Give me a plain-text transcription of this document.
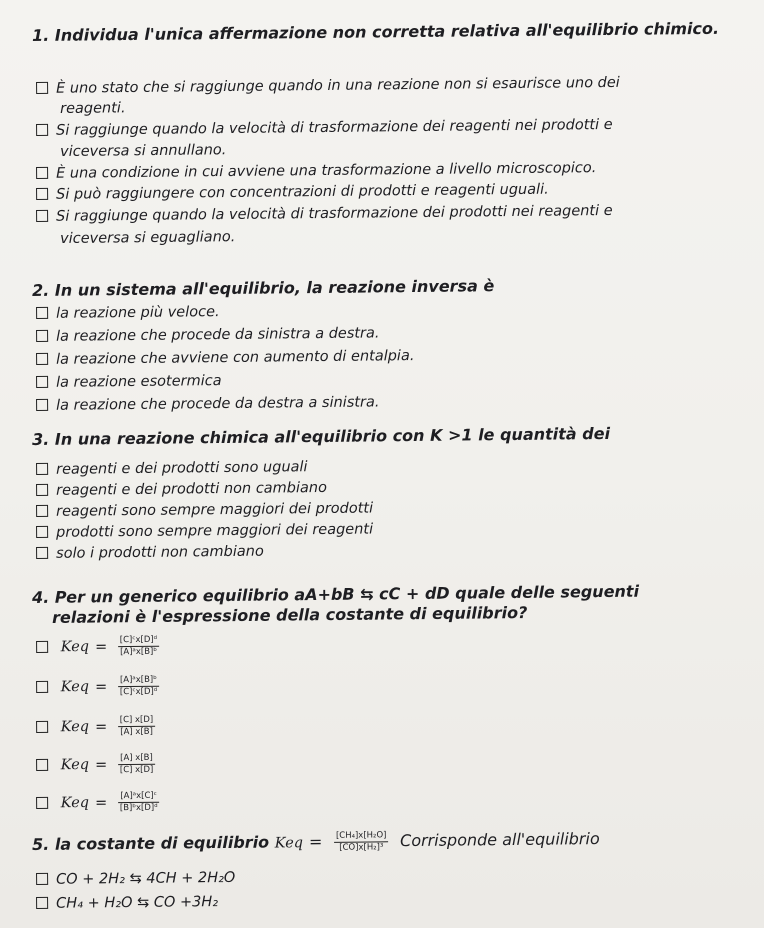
1. Individua l'unica affermazione non corretta relativa all'equilibrio chimico.
È uno stato che si raggiunge quando in una reazione non si esaurisce uno dei
reagenti.
Si raggiunge quando la velocità di trasformazione dei reagenti nei prodotti e
viceversa si annullano.
È una condizione in cui avviene una trasformazione a livello microscopico.
Si può raggiungere con concentrazioni di prodotti e reagenti uguali.
Si raggiunge quando la velocità di trasformazione dei prodotti nei reagenti e
viceversa si eguagliano.
2. In un sistema all'equilibrio, la reazione inversa è
la reazione più veloce.
la reazione che procede da sinistra a destra.
la reazione che avviene con aumento di entalpia.
la reazione esotermica
la reazione che procede da destra a sinistra.
3. In una reazione chimica all'equilibrio con K >1 le quantità dei
reagenti e dei prodotti sono uguali
reagenti e dei prodotti non cambiano
reagenti sono sempre maggiori dei prodotti
prodotti sono sempre maggiori dei reagenti
solo i prodotti non cambiano
4. Per un generico equilibrio aA+bB ⇆ cC + dD quale delle seguenti
relazioni è l'espressione della costante di equilibrio?
Keq = $\frac{\text{[C]ᶜx[D]ᵈ}}{\text{[A]ᵃx[B]ᵇ}}$
Keq = $\frac{\text{[A]ᵃx[B]ᵇ}}{\text{[C]ᶜx[D]ᵈ}}$
Keq = $\frac{[C] x[D]}{[A] x[B]}$
Keq = $\frac{[A] x[B]}{[C] x[D]}$
Keq = $\frac{\text{[A]ᵃx[C]ᶜ}}{\text{[B]ᵇx[D]ᵈ}}$
5. la costante di equilibrio Keq = $\frac{\text{[CH₄]x[H₂O]}}{\text{[CO]x[H₂]³}}$ Corrisponde all'equilibrio
CO + 2H₂ ⇆ 4CH + 2H₂O
CH₄ + H₂O ⇆ CO +3H₂
